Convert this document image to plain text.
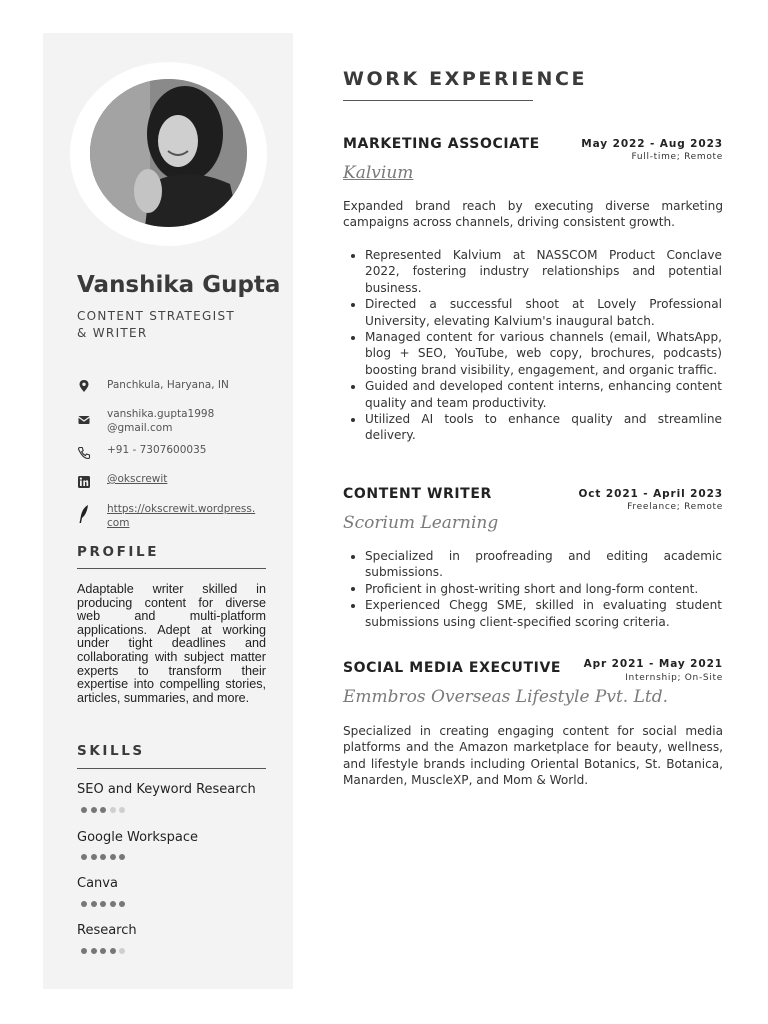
Vanshika Gupta
CONTENT STRATEGIST
& WRITER
Panchkula, Haryana, IN
vanshika.gupta1998
@gmail.com
+91 - 7307600035
@okscrewit
https://okscrewit.wordpress.com
PROFILE
Adaptable writer skilled in producing content for diverse web and multi-platform applications. Adept at working under tight deadlines and collaborating with subject matter experts to transform their expertise into compelling stories, articles, summaries, and more.
SKILLS
SEO and Keyword Research
Google Workspace
Canva
Research
WORK EXPERIENCE
MARKETING ASSOCIATE	May 2022 - Aug 2023
Full-time; Remote
Kalvium
Expanded brand reach by executing diverse marketing campaigns across channels, driving consistent growth.
Represented Kalvium at NASSCOM Product Conclave 2022, fostering industry relationships and potential business.
Directed a successful shoot at Lovely Professional University, elevating Kalvium's inaugural batch.
Managed content for various channels (email, WhatsApp, blog + SEO, YouTube, web copy, brochures, podcasts) boosting brand visibility, engagement, and organic traffic.
Guided and developed content interns, enhancing content quality and team productivity.
Utilized AI tools to enhance quality and streamline delivery.
CONTENT WRITER	Oct 2021 - April 2023
Freelance; Remote
Scorium Learning
Specialized in proofreading and editing academic submissions.
Proficient in ghost-writing short and long-form content.
Experienced Chegg SME, skilled in evaluating student submissions using client-specified scoring criteria.
SOCIAL MEDIA EXECUTIVE Apr 2021 - May 2021
Internship; On-Site
Emmbros Overseas Lifestyle Pvt. Ltd.
Specialized in creating engaging content for social media platforms and the Amazon marketplace for beauty, wellness, and lifestyle brands including Oriental Botanics, St. Botanica, Manarden, MuscleXP, and Mom & World.
